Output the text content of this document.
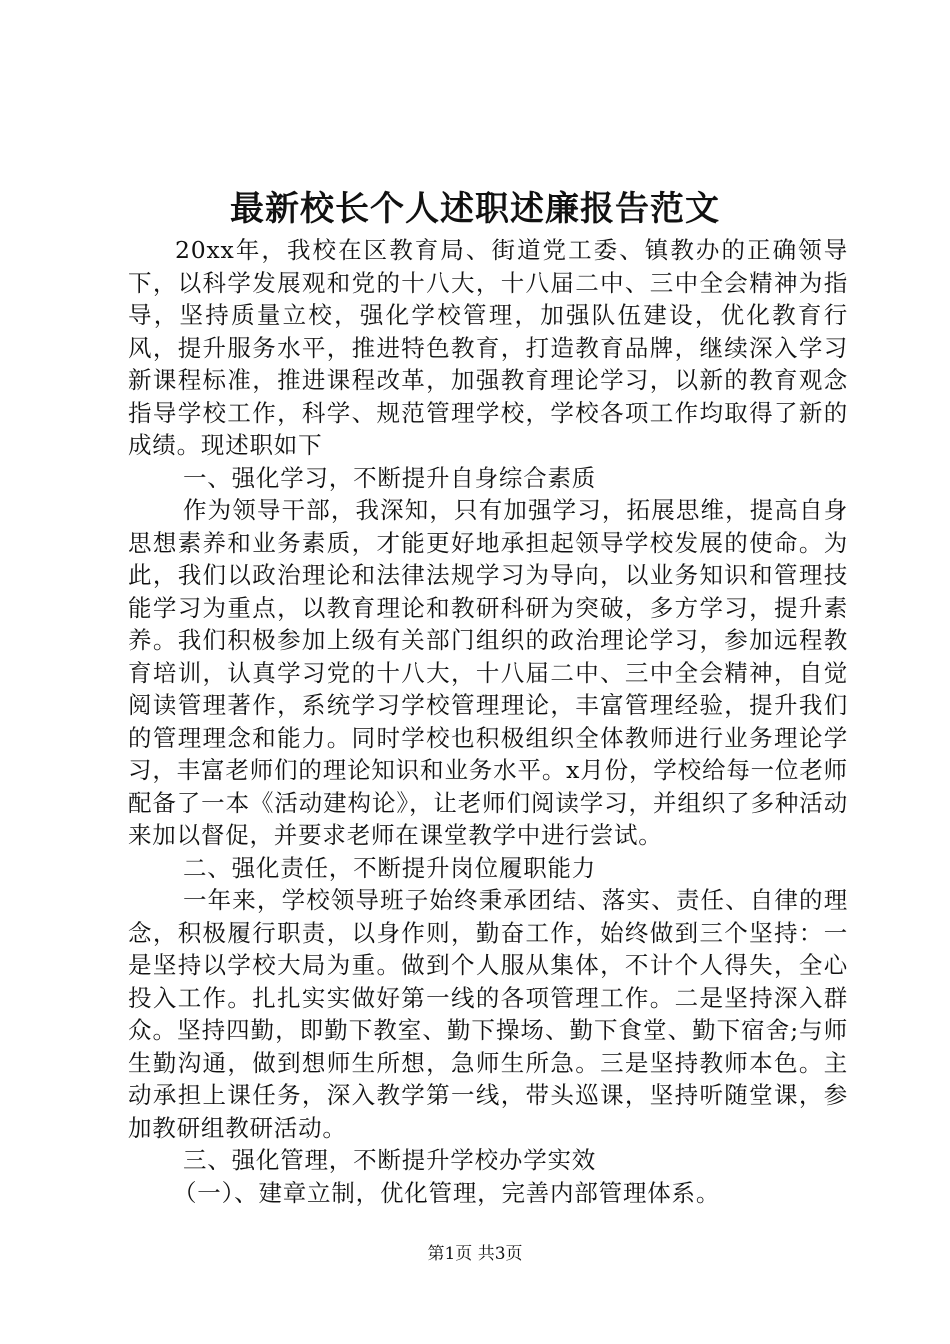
最新校长个人述职述廉报告范文

20xx年，我校在区教育局、街道党工委、镇教办的正确领导下，以科学发展观和党的十八大，十八届二中、三中全会精神为指导，坚持质量立校，强化学校管理，加强队伍建设，优化教育行风，提升服务水平，推进特色教育，打造教育品牌，继续深入学习新课程标准，推进课程改革，加强教育理论学习，以新的教育观念指导学校工作，科学、规范管理学校，学校各项工作均取得了新的成绩。现述职如下

一、强化学习，不断提升自身综合素质

作为领导干部，我深知，只有加强学习，拓展思维，提高自身思想素养和业务素质，才能更好地承担起领导学校发展的使命。为此，我们以政治理论和法律法规学习为导向，以业务知识和管理技能学习为重点，以教育理论和教研科研为突破，多方学习，提升素养。我们积极参加上级有关部门组织的政治理论学习，参加远程教育培训，认真学习党的十八大，十八届二中、三中全会精神，自觉阅读管理著作，系统学习学校管理理论，丰富管理经验，提升我们的管理理念和能力。同时学校也积极组织全体教师进行业务理论学习，丰富老师们的理论知识和业务水平。x月份，学校给每一位老师配备了一本《活动建构论》，让老师们阅读学习，并组织了多种活动来加以督促，并要求老师在课堂教学中进行尝试。

二、强化责任，不断提升岗位履职能力

一年来，学校领导班子始终秉承团结、落实、责任、自律的理念，积极履行职责，以身作则，勤奋工作，始终做到三个坚持：一是坚持以学校大局为重。做到个人服从集体，不计个人得失，全心投入工作。扎扎实实做好第一线的各项管理工作。二是坚持深入群众。坚持四勤，即勤下教室、勤下操场、勤下食堂、勤下宿舍;与师生勤沟通，做到想师生所想，急师生所急。三是坚持教师本色。主动承担上课任务，深入教学第一线，带头巡课，坚持听随堂课，参加教研组教研活动。

三、强化管理，不断提升学校办学实效

（一）、建章立制，优化管理，完善内部管理体系。

第1页 共3页
